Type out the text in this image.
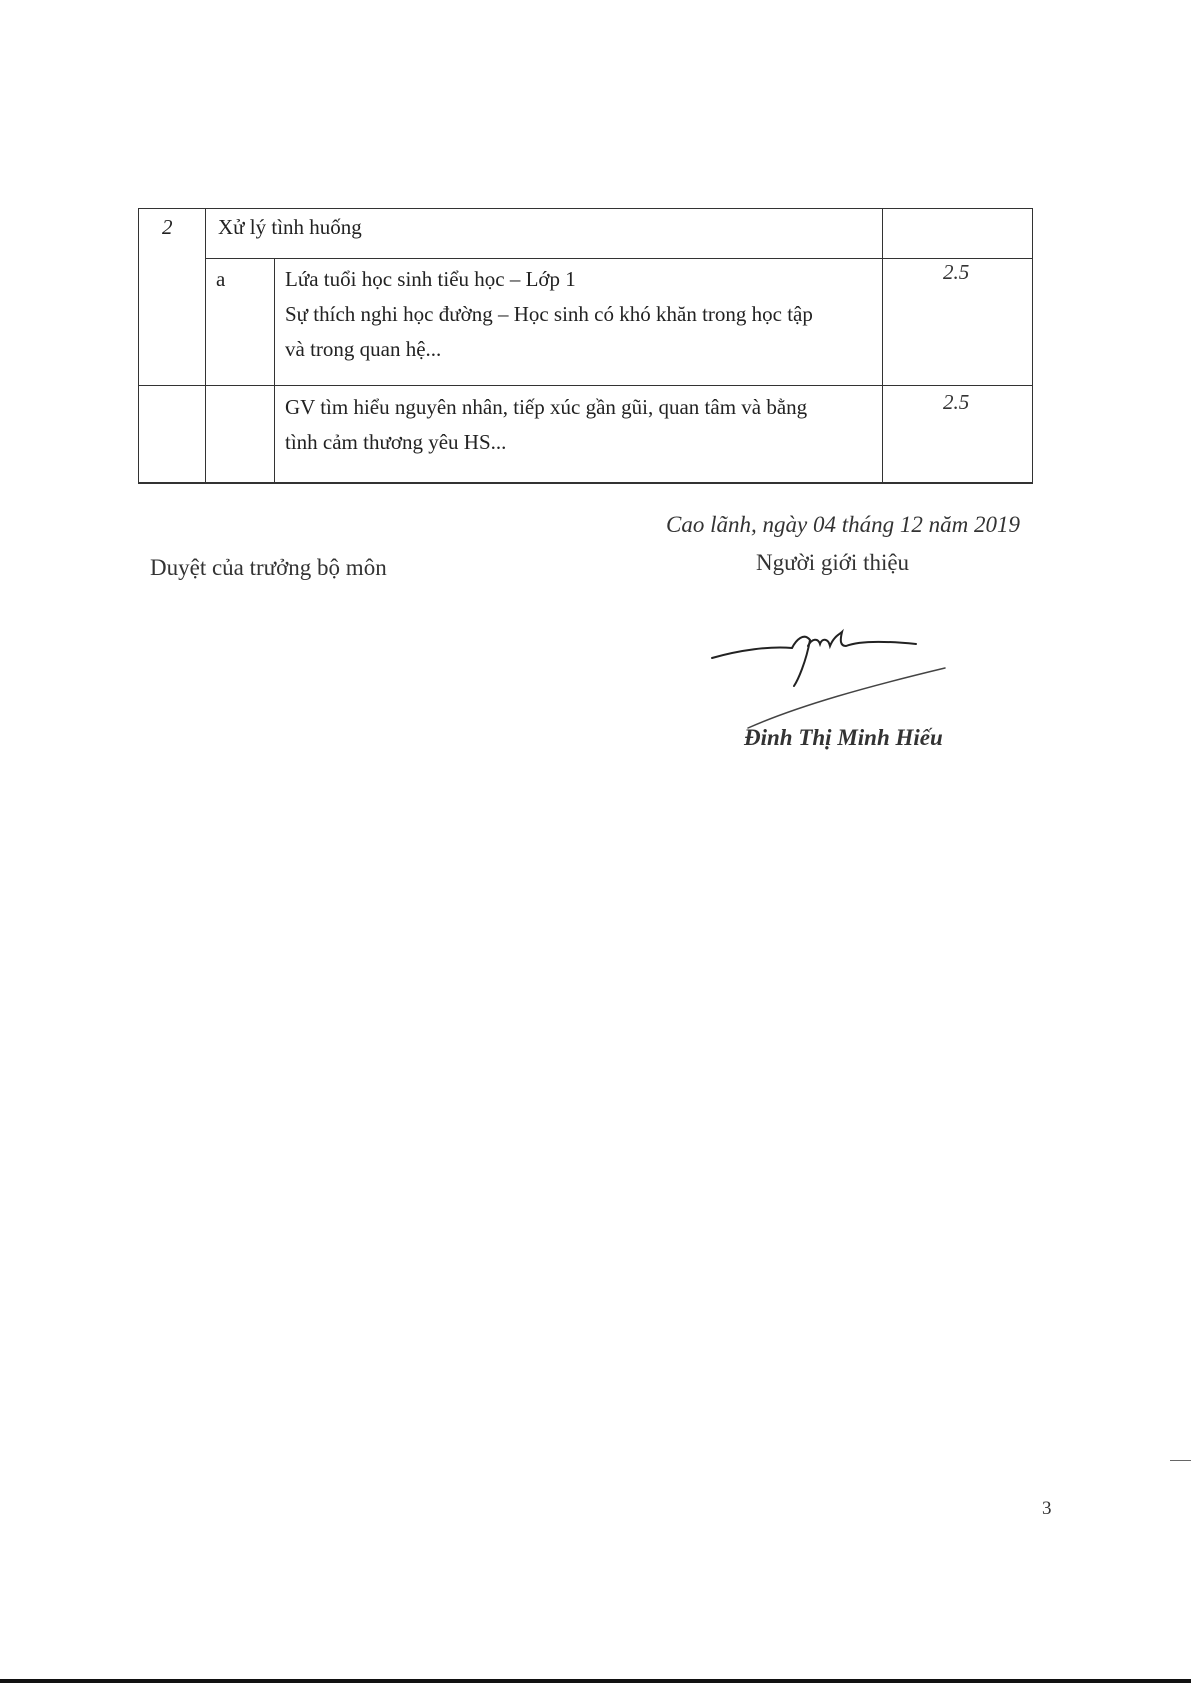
2 Xử lý tình huống
a	Lứa tuổi học sinh tiểu học – Lớp 1
Sự thích nghi học đường – Học sinh có khó khăn trong học tập
và trong quan hệ...
2.5
GV tìm hiểu nguyên nhân, tiếp xúc gần gũi, quan tâm và bằng
tình cảm thương yêu HS...
2.5
Cao lãnh, ngày 04 tháng 12 năm 2019
Người giới thiệu
Duyệt của trưởng bộ môn
Đinh Thị Minh Hiếu
3
